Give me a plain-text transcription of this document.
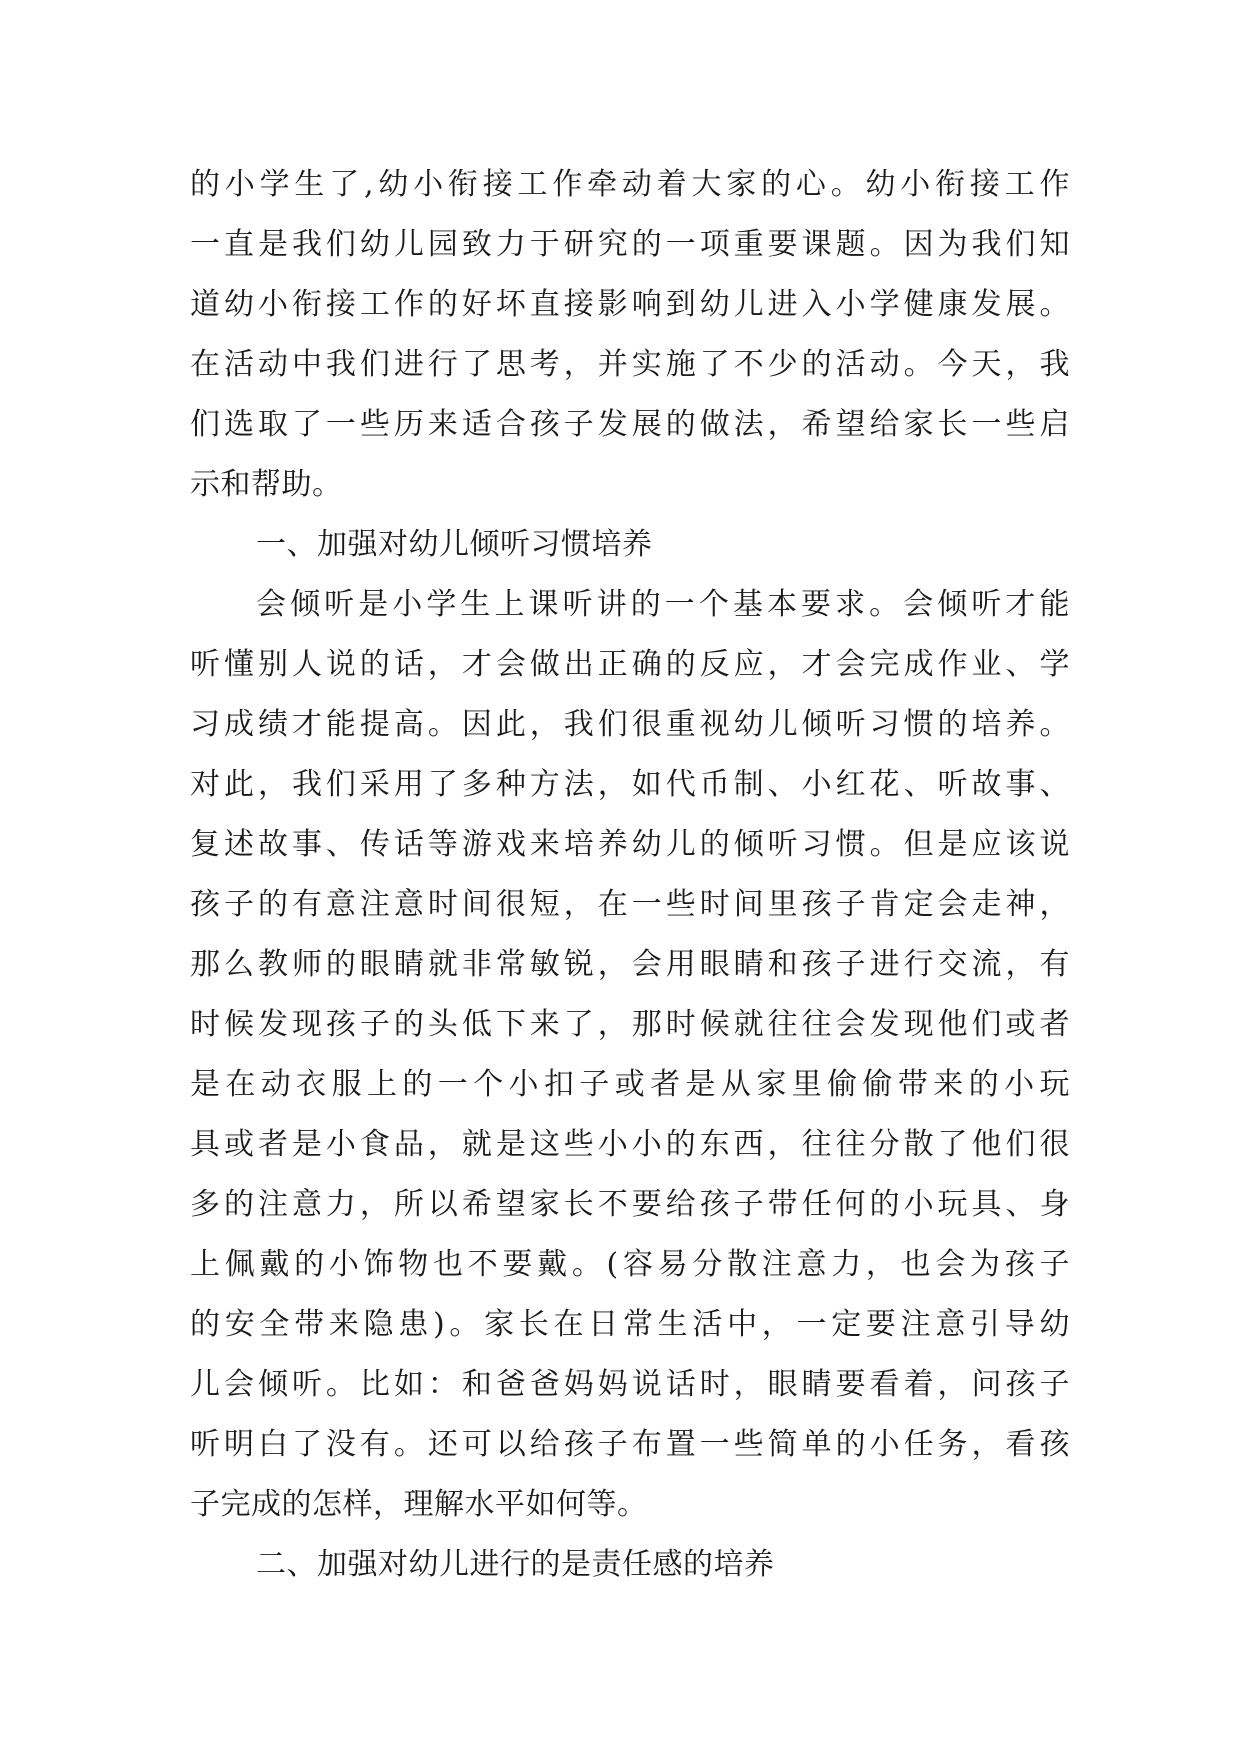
的小学生了,幼小衔接工作牵动着大家的心。幼小衔接工作
一直是我们幼儿园致力于研究的一项重要课题。因为我们知
道幼小衔接工作的好坏直接影响到幼儿进入小学健康发展。
在活动中我们进行了思考，并实施了不少的活动。今天，我
们选取了一些历来适合孩子发展的做法，希望给家长一些启
示和帮助。
一、加强对幼儿倾听习惯培养
会倾听是小学生上课听讲的一个基本要求。会倾听才能
听懂别人说的话，才会做出正确的反应，才会完成作业、学
习成绩才能提高。因此，我们很重视幼儿倾听习惯的培养。
对此，我们采用了多种方法，如代币制、小红花、听故事、
复述故事、传话等游戏来培养幼儿的倾听习惯。但是应该说
孩子的有意注意时间很短，在一些时间里孩子肯定会走神，
那么教师的眼睛就非常敏锐，会用眼睛和孩子进行交流，有
时候发现孩子的头低下来了，那时候就往往会发现他们或者
是在动衣服上的一个小扣子或者是从家里偷偷带来的小玩
具或者是小食品，就是这些小小的东西，往往分散了他们很
多的注意力，所以希望家长不要给孩子带任何的小玩具、身
上佩戴的小饰物也不要戴。(容易分散注意力，也会为孩子
的安全带来隐患)。家长在日常生活中，一定要注意引导幼
儿会倾听。比如：和爸爸妈妈说话时，眼睛要看着，问孩子
听明白了没有。还可以给孩子布置一些简单的小任务，看孩
子完成的怎样，理解水平如何等。
二、加强对幼儿进行的是责任感的培养
